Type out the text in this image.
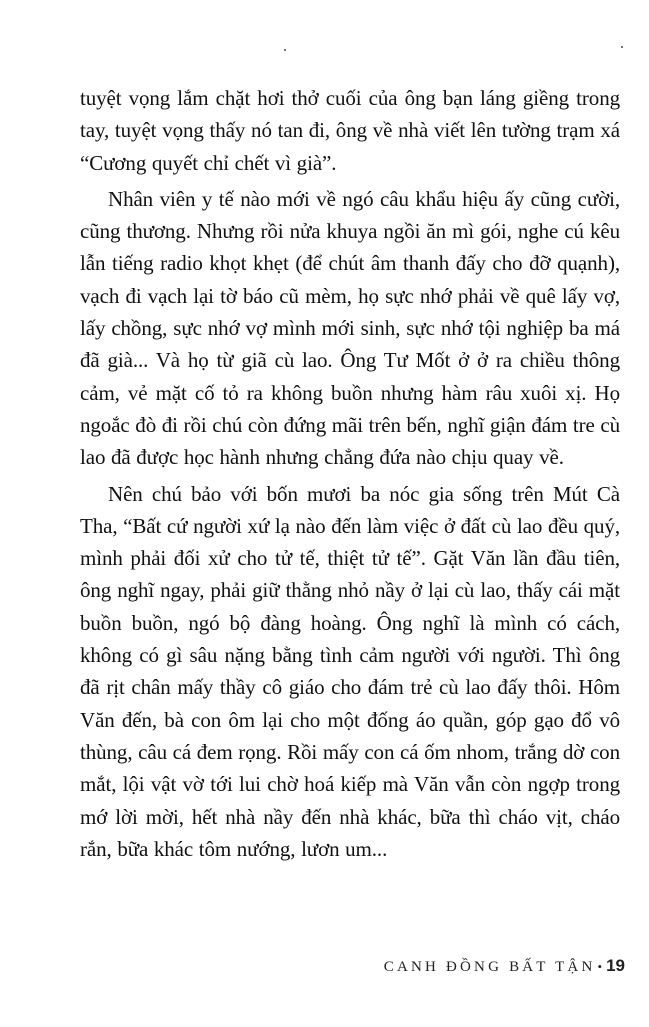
tuyệt vọng lắm chặt hơi thở cuối của ông bạn láng giềng trong tay, tuyệt vọng thấy nó tan đi, ông về nhà viết lên tường trạm xá “Cương quyết chỉ chết vì già”.

Nhân viên y tế nào mới về ngó câu khẩu hiệu ấy cũng cười, cũng thương. Nhưng rồi nửa khuya ngồi ăn mì gói, nghe cú kêu lẫn tiếng radio khọt khẹt (để chút âm thanh đấy cho đỡ quạnh), vạch đi vạch lại tờ báo cũ mèm, họ sực nhớ phải về quê lấy vợ, lấy chồng, sực nhớ vợ mình mới sinh, sực nhớ tội nghiệp ba má đã già... Và họ từ giã cù lao. Ông Tư Mốt ở ở ra chiều thông cảm, vẻ mặt cố tỏ ra không buồn nhưng hàm râu xuôi xị. Họ ngoắc đò đi rồi chú còn đứng mãi trên bến, nghĩ giận đám tre cù lao đã được học hành nhưng chẳng đứa nào chịu quay về.

Nên chú bảo với bốn mươi ba nóc gia sống trên Mút Cà Tha, “Bất cứ người xứ lạ nào đến làm việc ở đất cù lao đều quý, mình phải đối xử cho tử tế, thiệt tử tế”. Gặt Văn lần đầu tiên, ông nghĩ ngay, phải giữ thằng nhỏ nầy ở lại cù lao, thấy cái mặt buồn buồn, ngó bộ đàng hoàng. Ông nghĩ là mình có cách, không có gì sâu nặng bằng tình cảm người với người. Thì ông đã rịt chân mấy thầy cô giáo cho đám trẻ cù lao đấy thôi. Hôm Văn đến, bà con ôm lại cho một đống áo quần, góp gạo đổ vô thùng, câu cá đem rọng. Rồi mấy con cá ốm nhom, trắng dờ con mắt, lội vật vờ tới lui chờ hoá kiếp mà Văn vẫn còn ngợp trong mớ lời mời, hết nhà nầy đến nhà khác, bữa thì cháo vịt, cháo rắn, bữa khác tôm nướng, lươn um...

CANH ĐỒNG BẤT TẬN • 19
